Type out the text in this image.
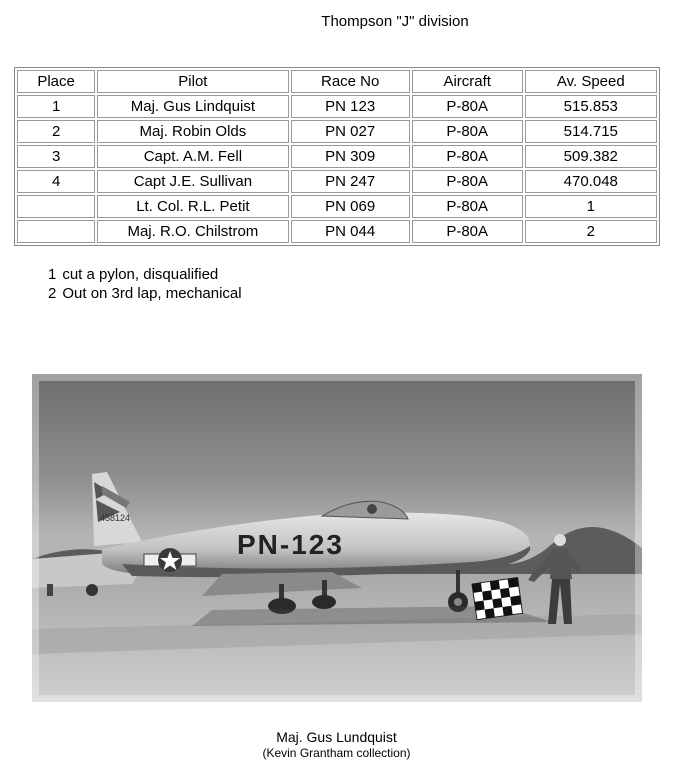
Thompson "J" division
Place	Pilot	Race No	Aircraft	Av. Speed
1	Maj. Gus Lindquist	PN 123	P-80A	515.853
2	Maj. Robin Olds	PN 027	P-80A	514.715
3	Capt. A.M. Fell	PN 309	P-80A	509.382
4	Capt J.E. Sullivan	PN 247	P-80A	470.048
	Lt. Col. R.L. Petit	PN 069	P-80A	1
	Maj. R.O. Chilstrom	PN 044	P-80A	2
1 cut a pylon, disqualified
2 Out on 3rd lap, mechanical
458124
PN-123
Maj. Gus Lundquist
(Kevin Grantham collection)
